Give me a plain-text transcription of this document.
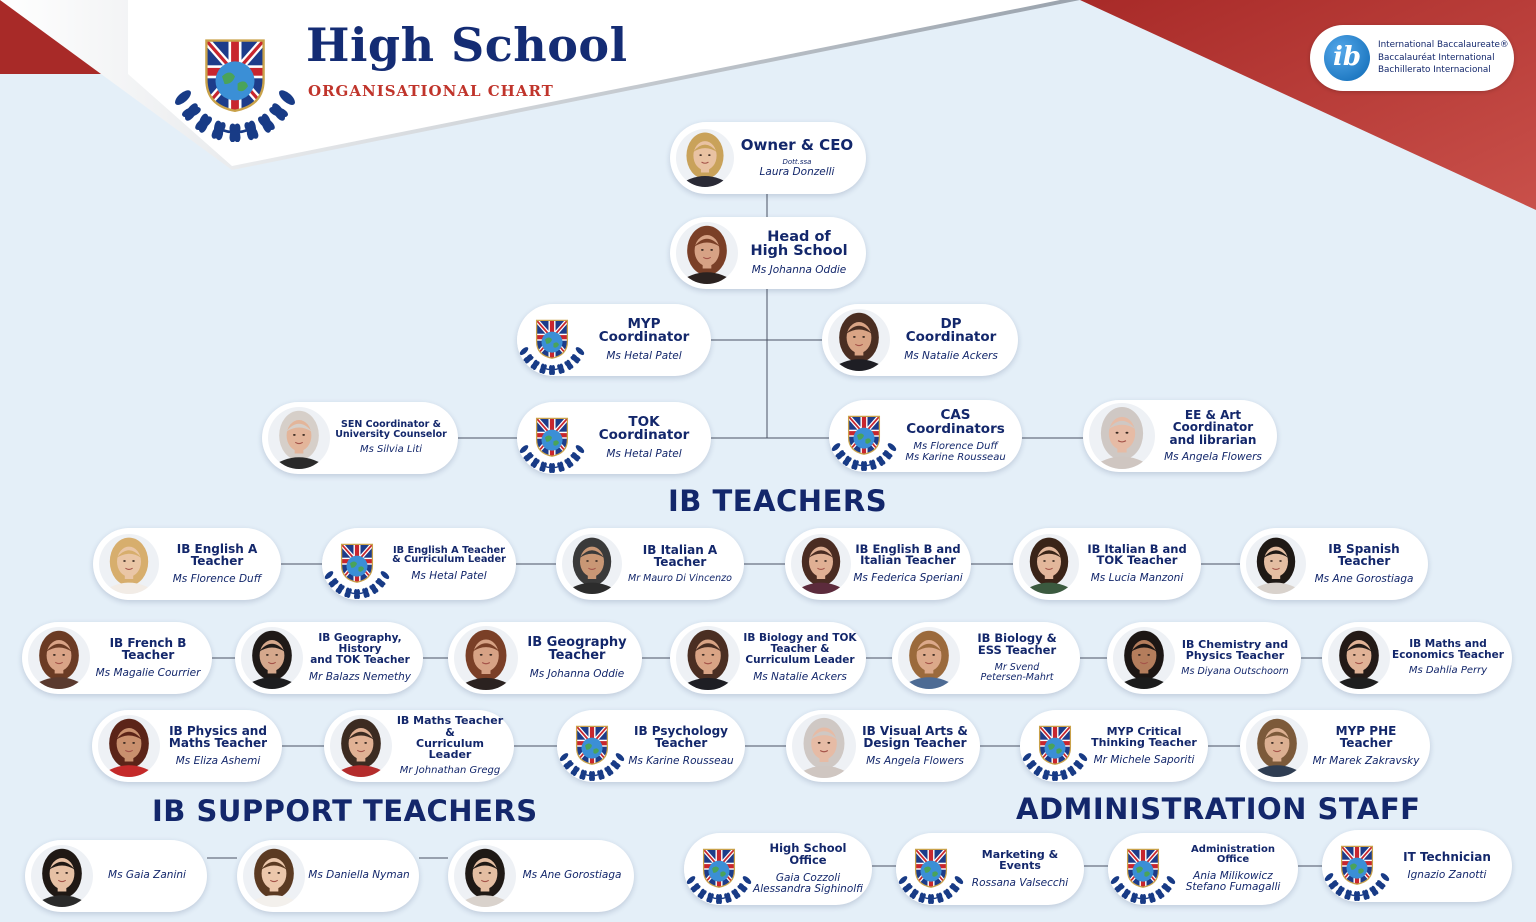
High School
ORGANISATIONAL CHART
ib	International Baccalaureate®
Baccalauréat International
Bachillerato Internacional
IB TEACHERS
IB SUPPORT TEACHERS	ADMINISTRATION STAFF
Owner & CEO
Dott.ssa
Laura Donzelli
Head of
High School
Ms Johanna Oddie
MYP
Coordinator
Ms Hetal Patel
DP
Coordinator
Ms Natalie Ackers
SEN Coordinator &
University Counselor
Ms Silvia Liti
TOK
Coordinator
Ms Hetal Patel
CAS
Coordinators
Ms Florence Duff
Ms Karine Rousseau
EE & Art
Coordinator
and librarian
Ms Angela Flowers
IB English A
Teacher
Ms Florence Duff
IB English A Teacher
& Curriculum Leader
Ms Hetal Patel
IB Italian A
Teacher
Mr Mauro Di Vincenzo
IB English B and
Italian Teacher
Ms Federica Speriani
IB Italian B and
TOK Teacher
Ms Lucia Manzoni
IB Spanish
Teacher
Ms Ane Gorostiaga
IB French B
Teacher
Ms Magalie Courrier
IB Geography, History
and TOK Teacher
Mr Balazs Nemethy
IB Geography
Teacher
Ms Johanna Oddie
IB Biology and TOK
Teacher &
Curriculum Leader
Ms Natalie Ackers
IB Biology &
ESS Teacher
Mr Svend
Petersen-Mahrt
IB Chemistry and
Physics Teacher
Ms Diyana Outschoorn
IB Maths and
Economics Teacher
Ms Dahlia Perry
IB Physics and
Maths Teacher
Ms Eliza Ashemi
IB Maths Teacher &
Curriculum Leader
Mr Johnathan Gregg
IB Psychology
Teacher
Ms Karine Rousseau
IB Visual Arts &
Design Teacher
Ms Angela Flowers
MYP Critical
Thinking Teacher
Mr Michele Saporiti
MYP PHE Teacher
Mr Marek Zakravsky
Ms Gaia Zanini	Ms Daniella Nyman	Ms Ane Gorostiaga
High School Office
Gaia Cozzoli
Alessandra Sighinolfi
Marketing & Events
Rossana Valsecchi
Administration Office
Ania Milikowicz
Stefano Fumagalli
IT Technician
Ignazio Zanotti
